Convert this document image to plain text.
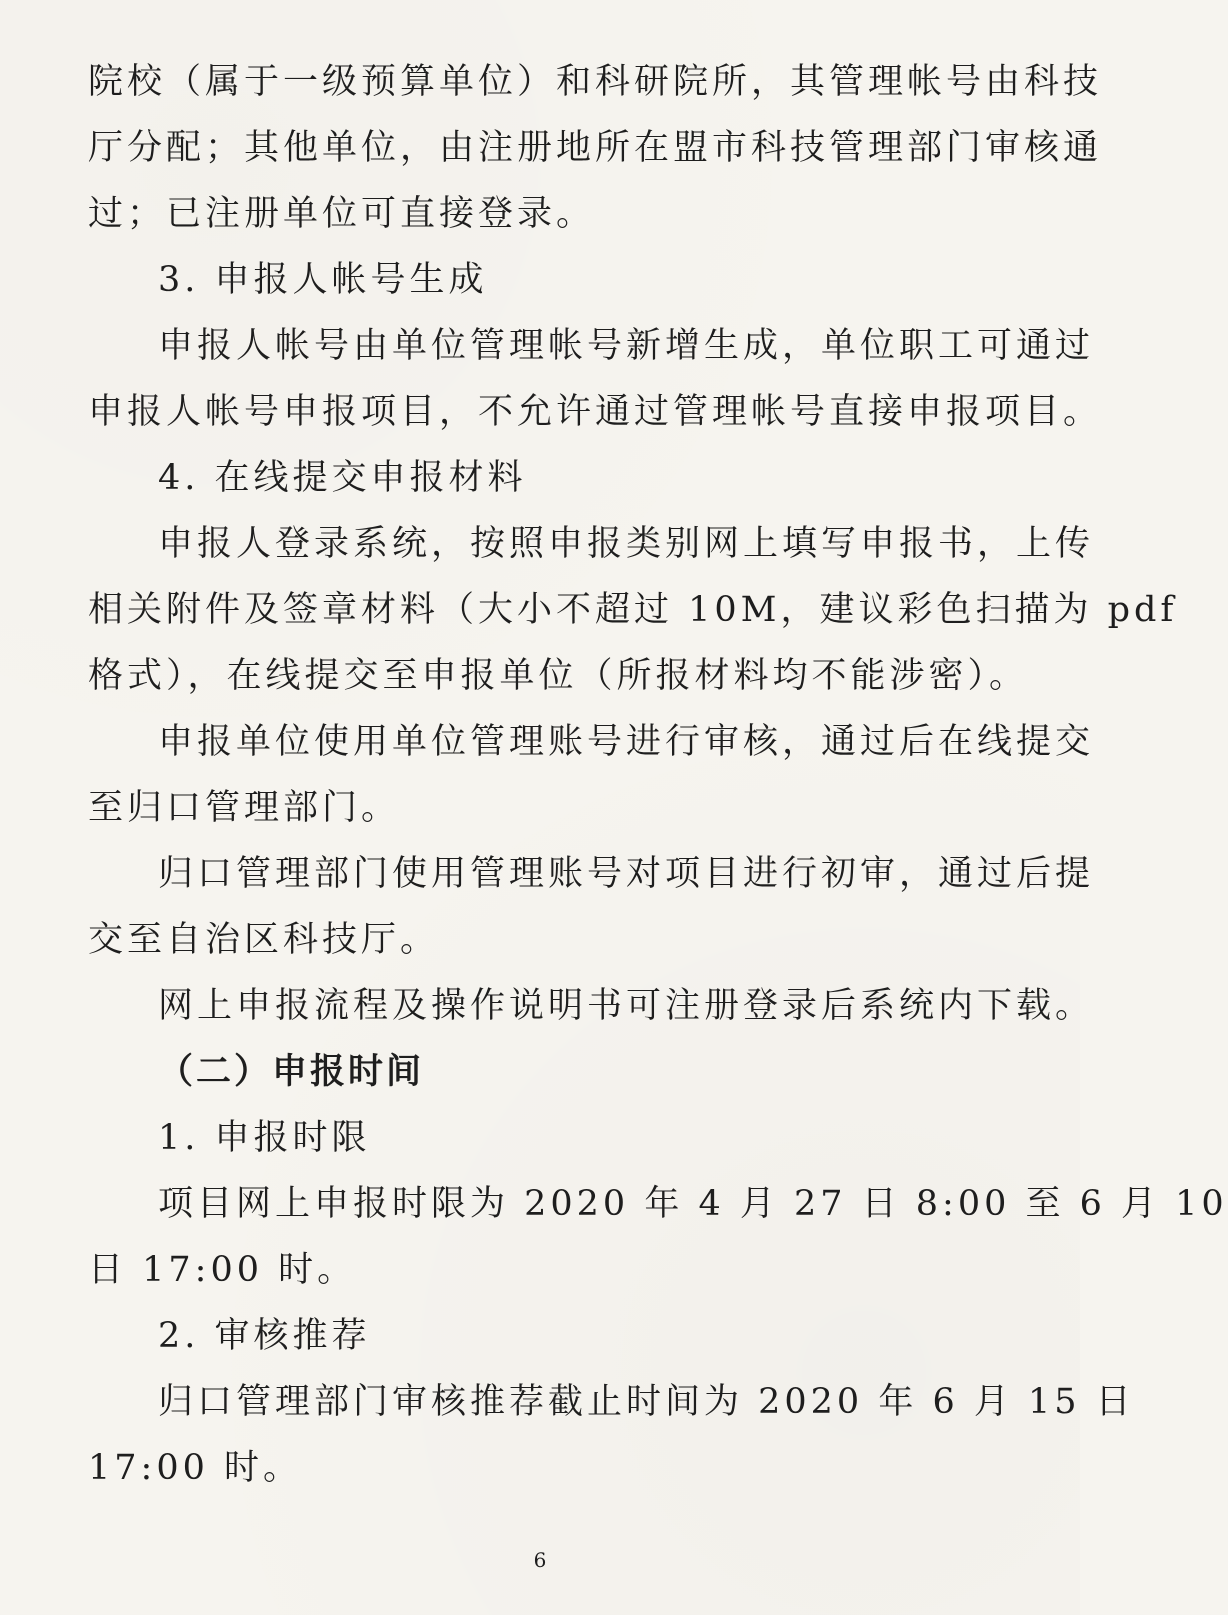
院校（属于一级预算单位）和科研院所，其管理帐号由科技
厅分配；其他单位，由注册地所在盟市科技管理部门审核通
过；已注册单位可直接登录。
3. 申报人帐号生成
申报人帐号由单位管理帐号新增生成，单位职工可通过
申报人帐号申报项目，不允许通过管理帐号直接申报项目。
4. 在线提交申报材料
申报人登录系统，按照申报类别网上填写申报书，上传
相关附件及签章材料（大小不超过 10M，建议彩色扫描为 pdf
格式），在线提交至申报单位（所报材料均不能涉密）。
申报单位使用单位管理账号进行审核，通过后在线提交
至归口管理部门。
归口管理部门使用管理账号对项目进行初审，通过后提
交至自治区科技厅。
网上申报流程及操作说明书可注册登录后系统内下载。
（二）申报时间
1. 申报时限
项目网上申报时限为 2020 年 4 月 27 日 8:00 至 6 月 10
日 17:00 时。
2. 审核推荐
归口管理部门审核推荐截止时间为 2020 年 6 月 15 日
17:00 时。
6
